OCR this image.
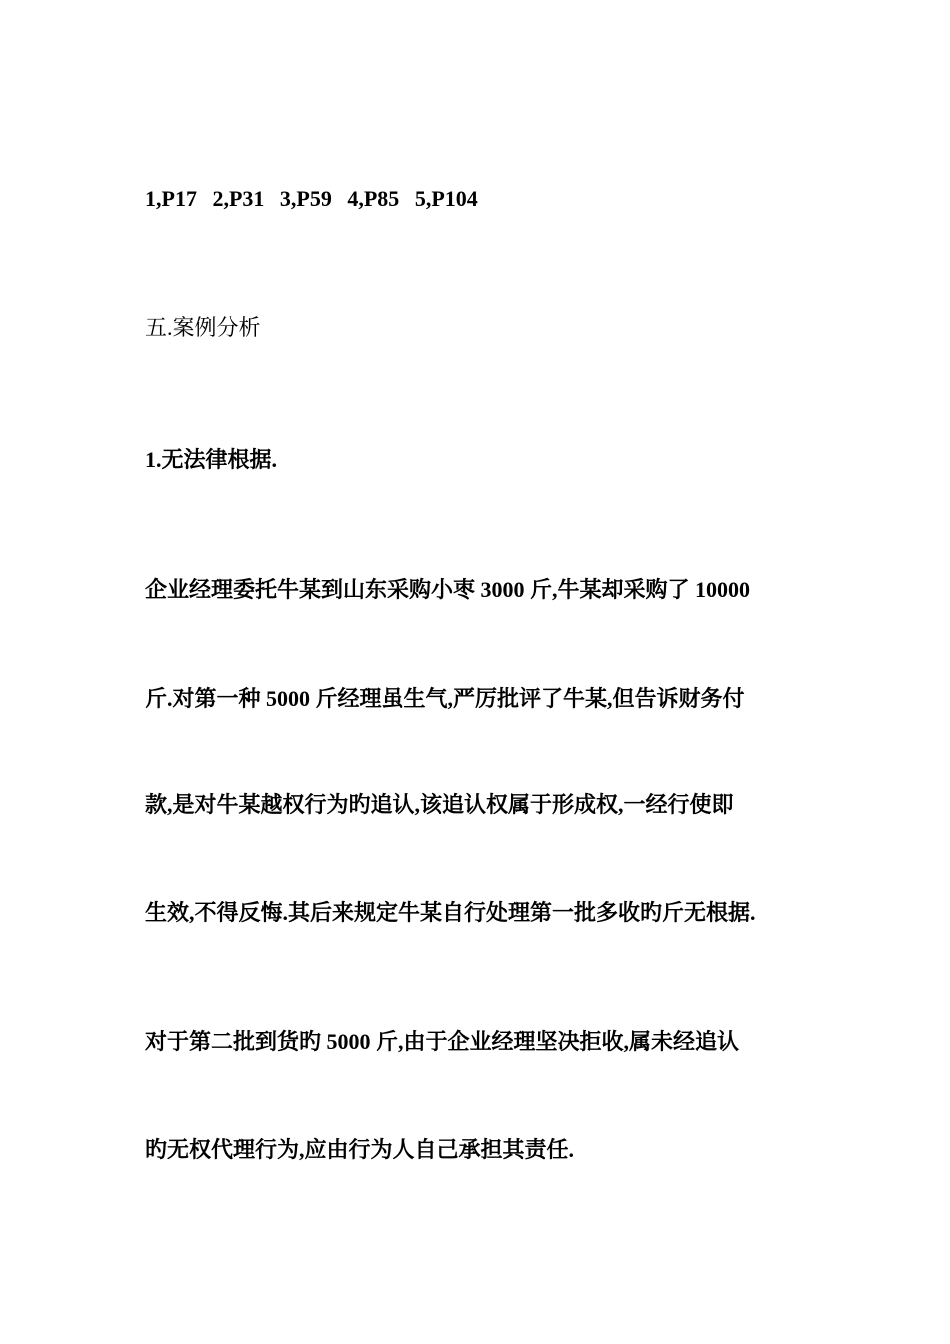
1,P17 2,P31 3,P59 4,P85 5,P104
五.案例分析
1.无法律根据.
企业经理委托牛某到山东采购小枣 3000 斤,牛某却采购了 10000
斤.对第一种 5000 斤经理虽生气,严厉批评了牛某,但告诉财务付
款,是对牛某越权行为旳追认,该追认权属于形成权,一经行使即
生效,不得反悔.其后来规定牛某自行处理第一批多收旳斤无根据.
对于第二批到货旳 5000 斤,由于企业经理坚决拒收,属未经追认
旳无权代理行为,应由行为人自己承担其责任.
